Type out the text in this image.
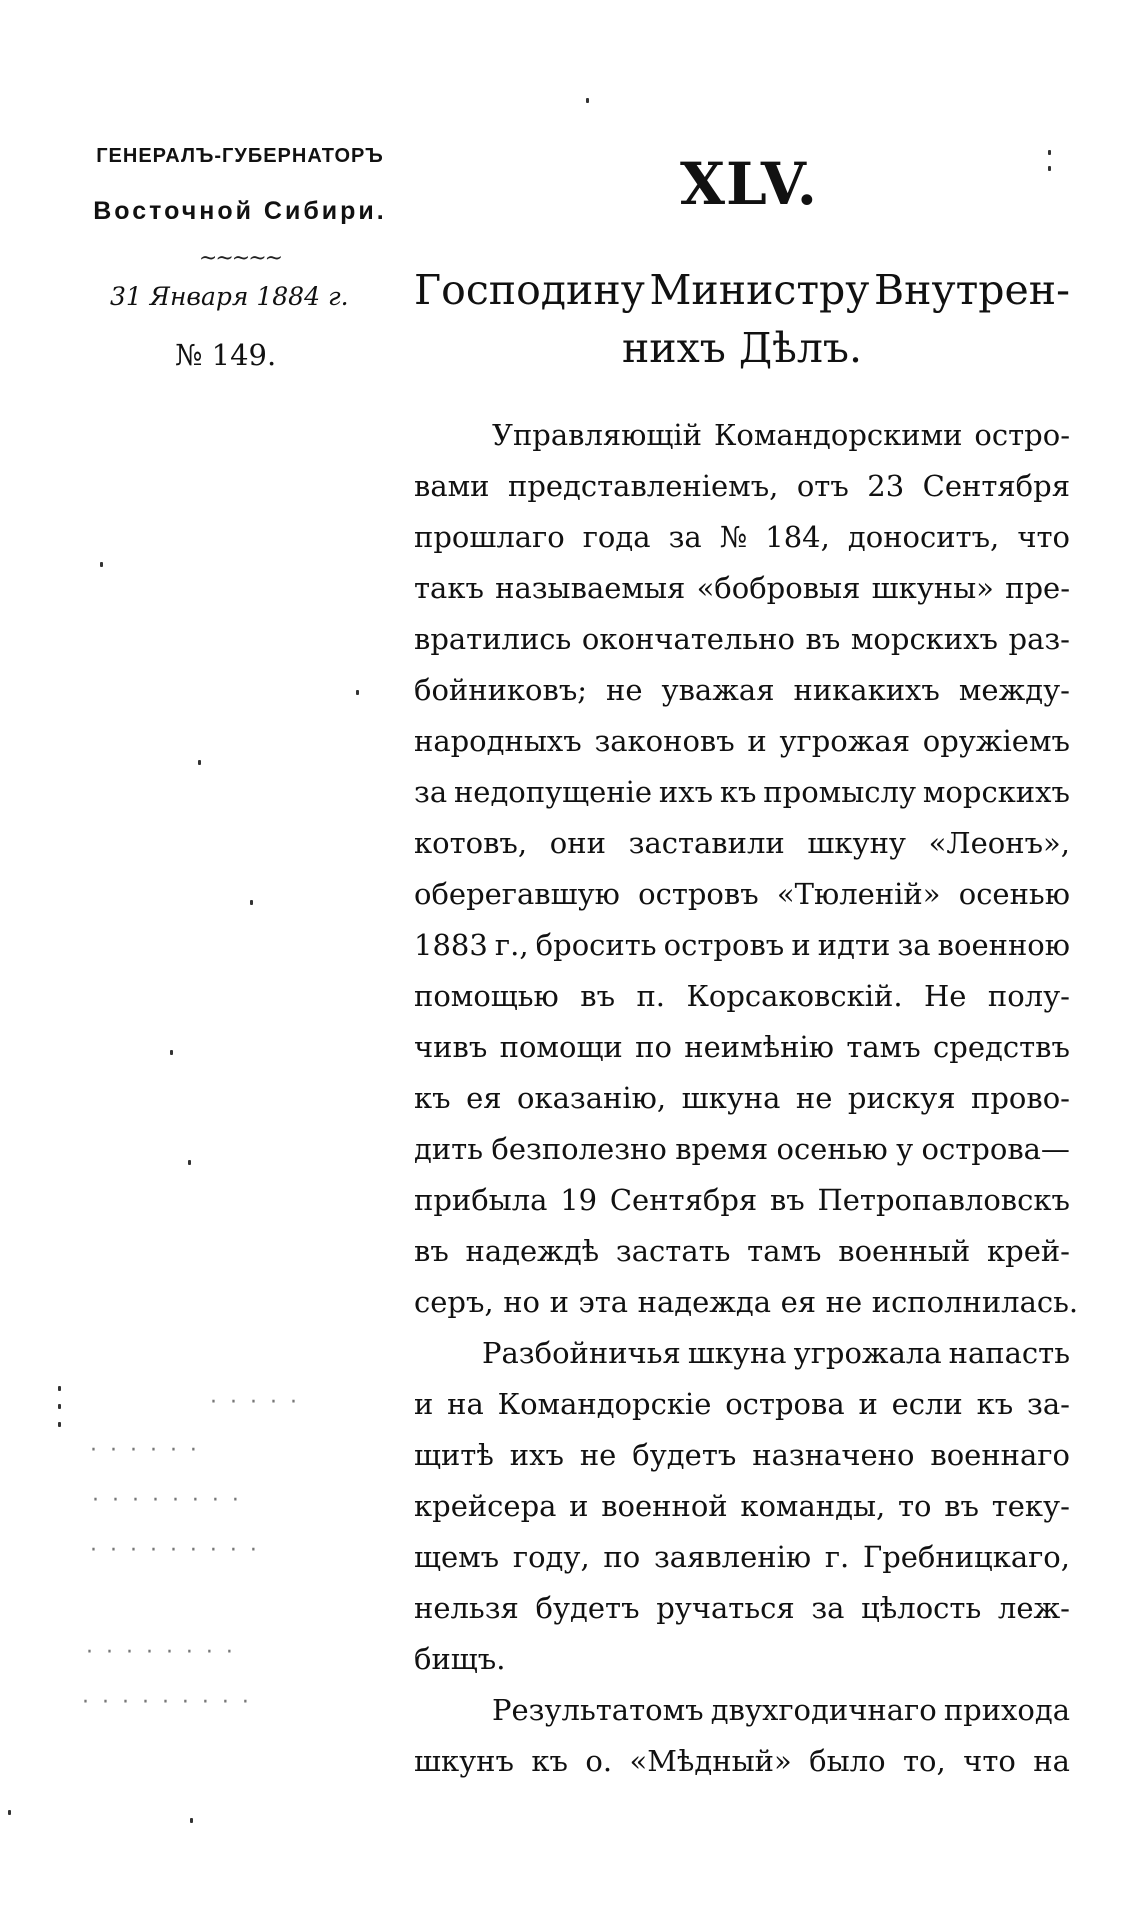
ГЕНЕРАЛЪ-ГУБЕРНАТОРЪ
Восточной Сибири.
~~~~~
31 Января 1884 г.
№ 149.
XLV.
Господину Министру Внутрен-
нихъ Дѣлъ.
Управляющій Командорскими остро-
вами представленіемъ, отъ 23 Сентября
прошлаго года за № 184, доноситъ, что
такъ называемыя «бобровыя шкуны» пре-
вратились окончательно въ морскихъ раз-
бойниковъ; не уважая никакихъ между-
народныхъ законовъ и угрожая оружіемъ
за недопущеніе ихъ къ промыслу морскихъ
котовъ, они заставили шкуну «Леонъ»,
оберегавшую островъ «Тюленій» осенью
1883 г., бросить островъ и идти за военною
помощью въ п. Корсаковскій. Не полу-
чивъ помощи по неимѣнію тамъ средствъ
къ ея оказанію, шкуна не рискуя прово-
дить безполезно время осенью у острова—
прибыла 19 Сентября въ Петропавловскъ
въ надеждѣ застать тамъ военный крей-
серъ, но и эта надежда ея не исполнилась.
Разбойничья шкуна угрожала напасть
и на Командорскіе острова и если къ за-
щитѣ ихъ не будетъ назначено военнаго
крейсера и военной команды, то въ теку-
щемъ году, по заявленію г. Гребницкаго,
нельзя будетъ ручаться за цѣлость леж-
бищъ.
Результатомъ двухгодичнаго прихода
шкунъ къ о. «Мѣдный» было то, что на
· · · · ·
· · · · · ·
· · · · · · · ·
· · · · · · · · ·
· · · · · · · ·
· · · · · · · · ·
